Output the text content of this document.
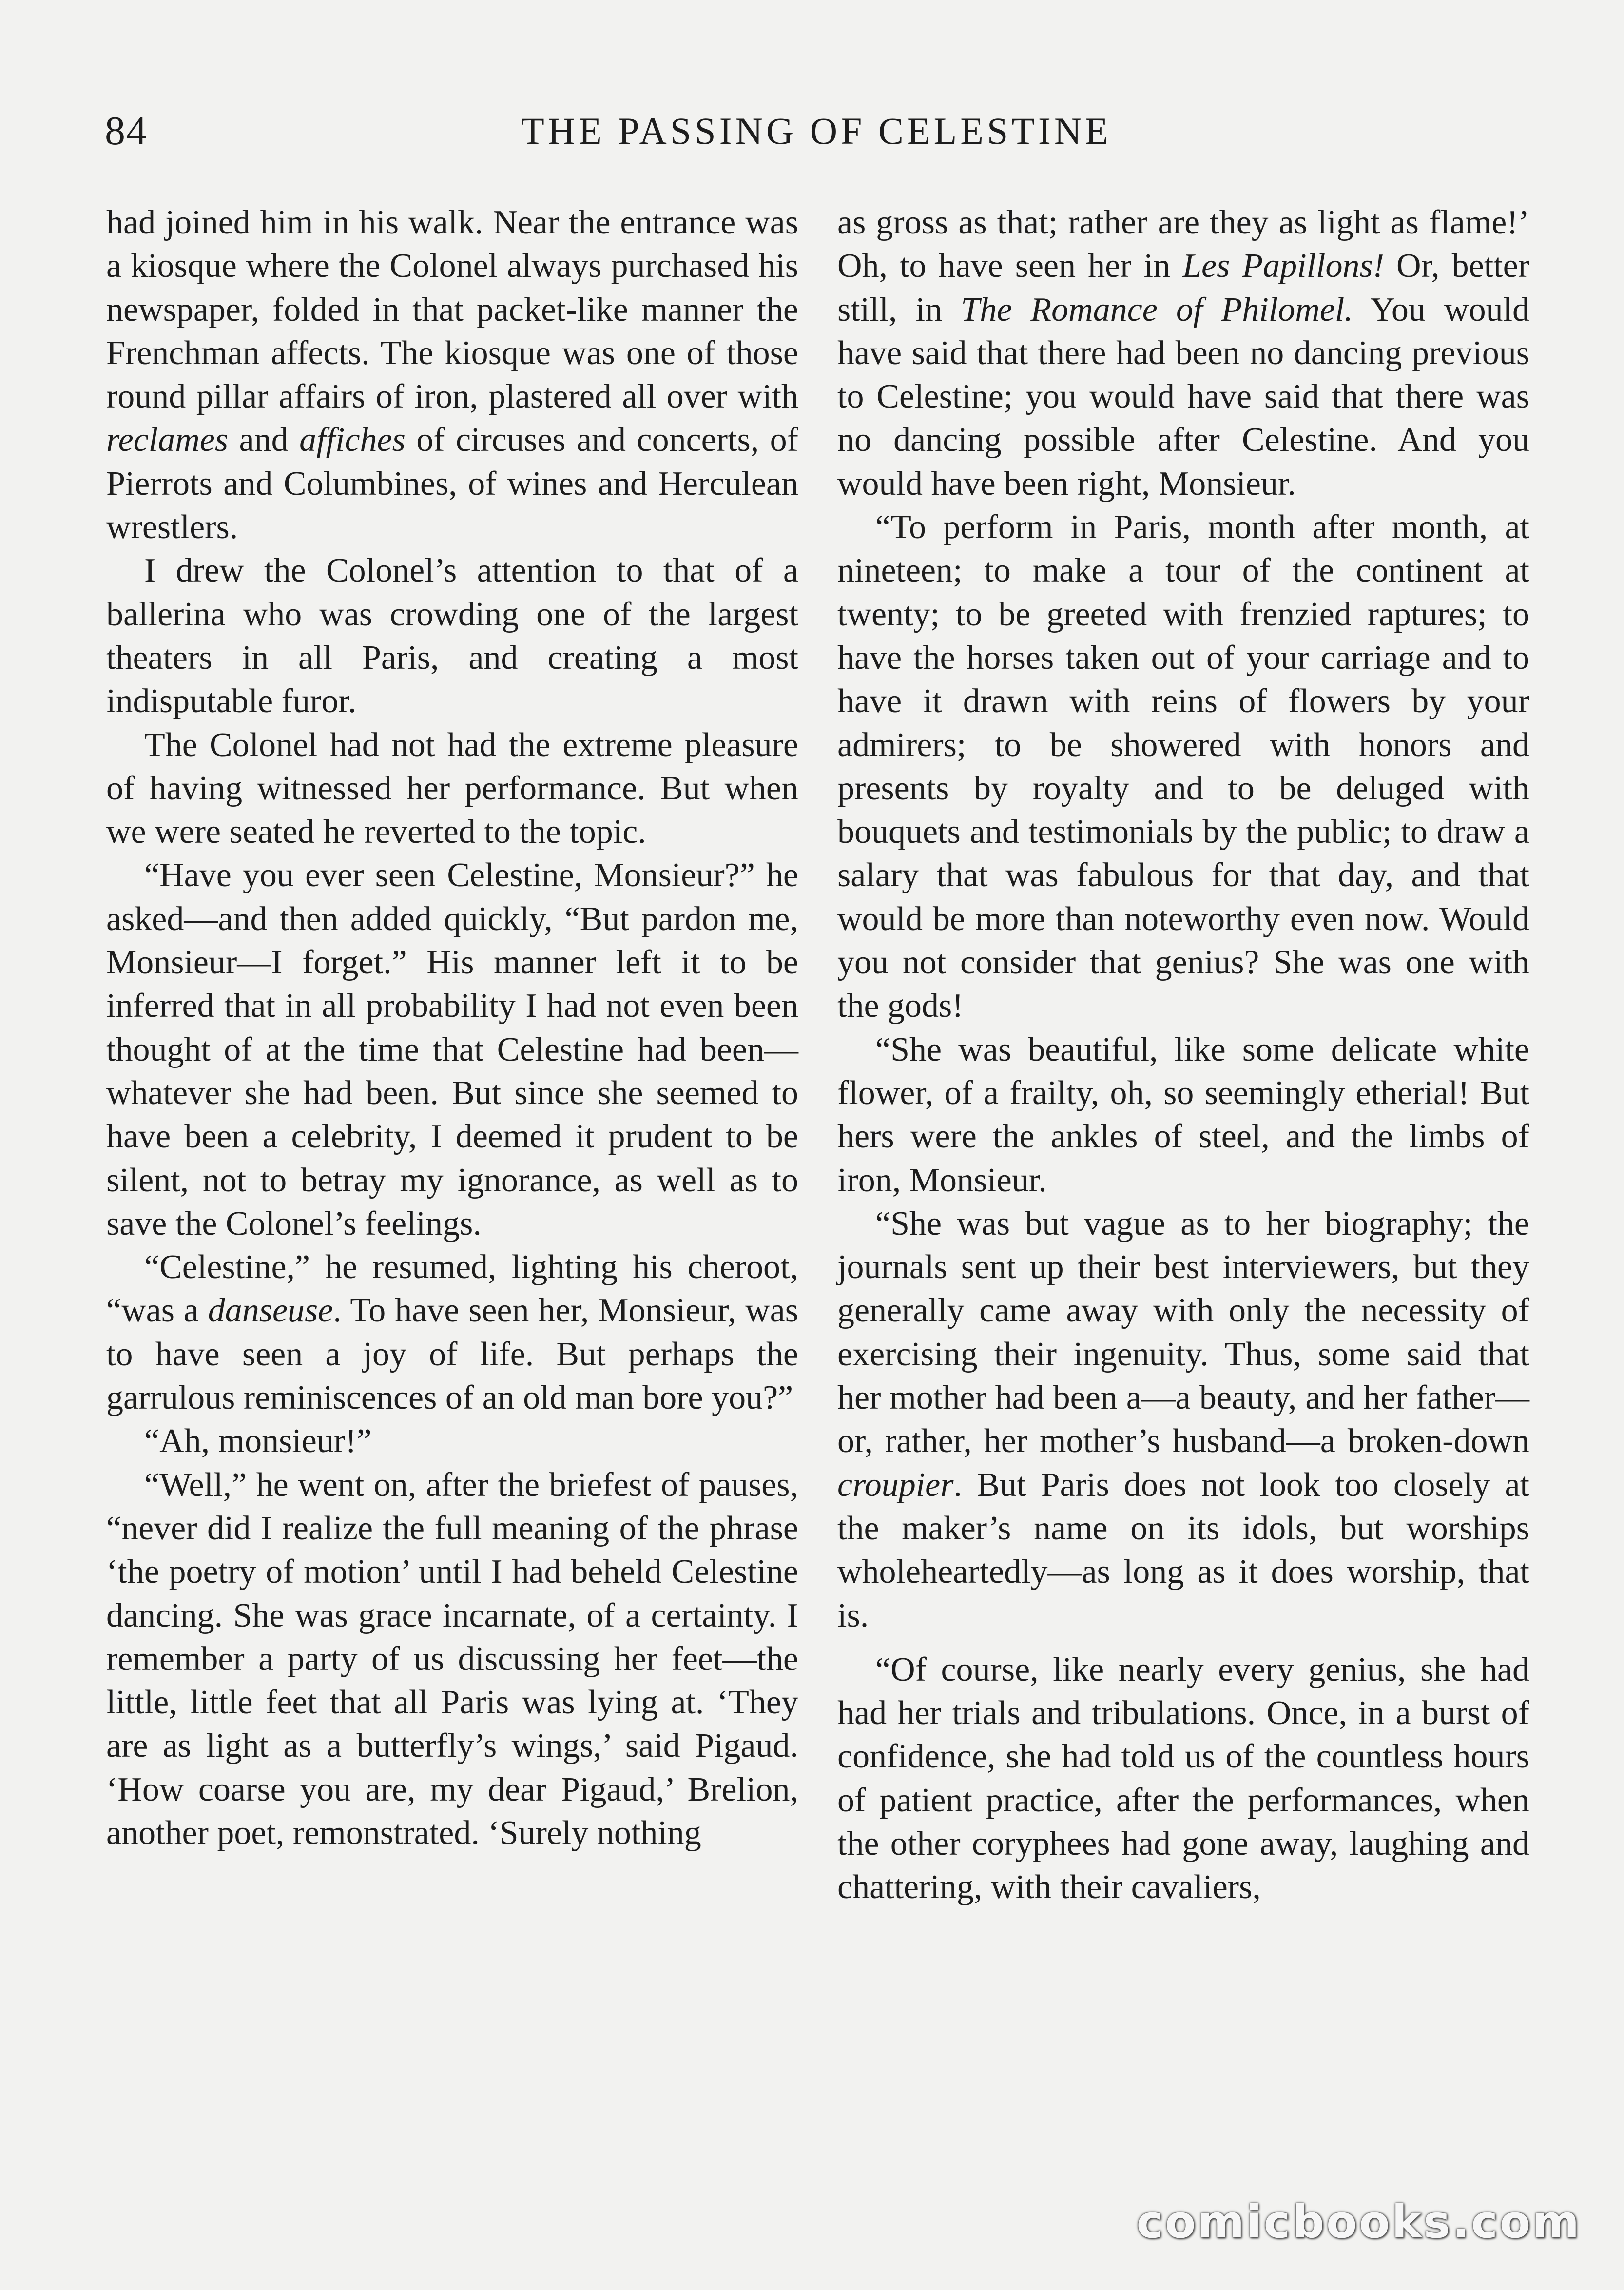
84	THE PASSING OF CELESTINE

had joined him in his walk. Near the entrance was a kiosque where the Colonel always purchased his newspaper, folded in that packet-like manner the Frenchman affects. The kiosque was one of those round pillar affairs of iron, plastered all over with reclames and affiches of circuses and concerts, of Pierrots and Columbines, of wines and Herculean wrestlers.

I drew the Colonel’s attention to that of a ballerina who was crowding one of the largest theaters in all Paris, and creating a most indisputable furor.

The Colonel had not had the extreme pleasure of having witnessed her performance. But when we were seated he reverted to the topic.

“Have you ever seen Celestine, Monsieur?” he asked—and then added quickly, “But pardon me, Monsieur—I forget.” His manner left it to be inferred that in all probability I had not even been thought of at the time that Celestine had been—whatever she had been. But since she seemed to have been a celebrity, I deemed it prudent to be silent, not to betray my ignorance, as well as to save the Colonel’s feelings.

“Celestine,” he resumed, lighting his cheroot, “was a danseuse. To have seen her, Monsieur, was to have seen a joy of life. But perhaps the garrulous reminiscences of an old man bore you?”

“Ah, monsieur!”

“Well,” he went on, after the briefest of pauses, “never did I realize the full meaning of the phrase ‘the poetry of motion’ until I had beheld Celestine dancing. She was grace incarnate, of a certainty. I remember a party of us discussing her feet—the little, little feet that all Paris was lying at. ‘They are as light as a butterfly’s wings,’ said Pigaud. ‘How coarse you are, my dear Pigaud,’ Brelion, another poet, remonstrated. ‘Surely nothing

as gross as that; rather are they as light as flame!’ Oh, to have seen her in Les Papillons! Or, better still, in The Romance of Philomel. You would have said that there had been no dancing previous to Celestine; you would have said that there was no dancing possible after Celestine. And you would have been right, Monsieur.

“To perform in Paris, month after month, at nineteen; to make a tour of the continent at twenty; to be greeted with frenzied raptures; to have the horses taken out of your carriage and to have it drawn with reins of flowers by your admirers; to be showered with honors and presents by royalty and to be deluged with bouquets and testimonials by the public; to draw a salary that was fabulous for that day, and that would be more than noteworthy even now. Would you not consider that genius? She was one with the gods!

“She was beautiful, like some delicate white flower, of a frailty, oh, so seemingly etherial! But hers were the ankles of steel, and the limbs of iron, Monsieur.

“She was but vague as to her biography; the journals sent up their best interviewers, but they generally came away with only the necessity of exercising their ingenuity. Thus, some said that her mother had been a—a beauty, and her father—or, rather, her mother’s husband—a broken-down croupier. But Paris does not look too closely at the maker’s name on its idols, but worships wholeheartedly—as long as it does worship, that is.

“Of course, like nearly every genius, she had had her trials and tribulations. Once, in a burst of confidence, she had told us of the countless hours of patient practice, after the performances, when the other coryphees had gone away, laughing and chattering, with their cavaliers,

comicbooks.com
